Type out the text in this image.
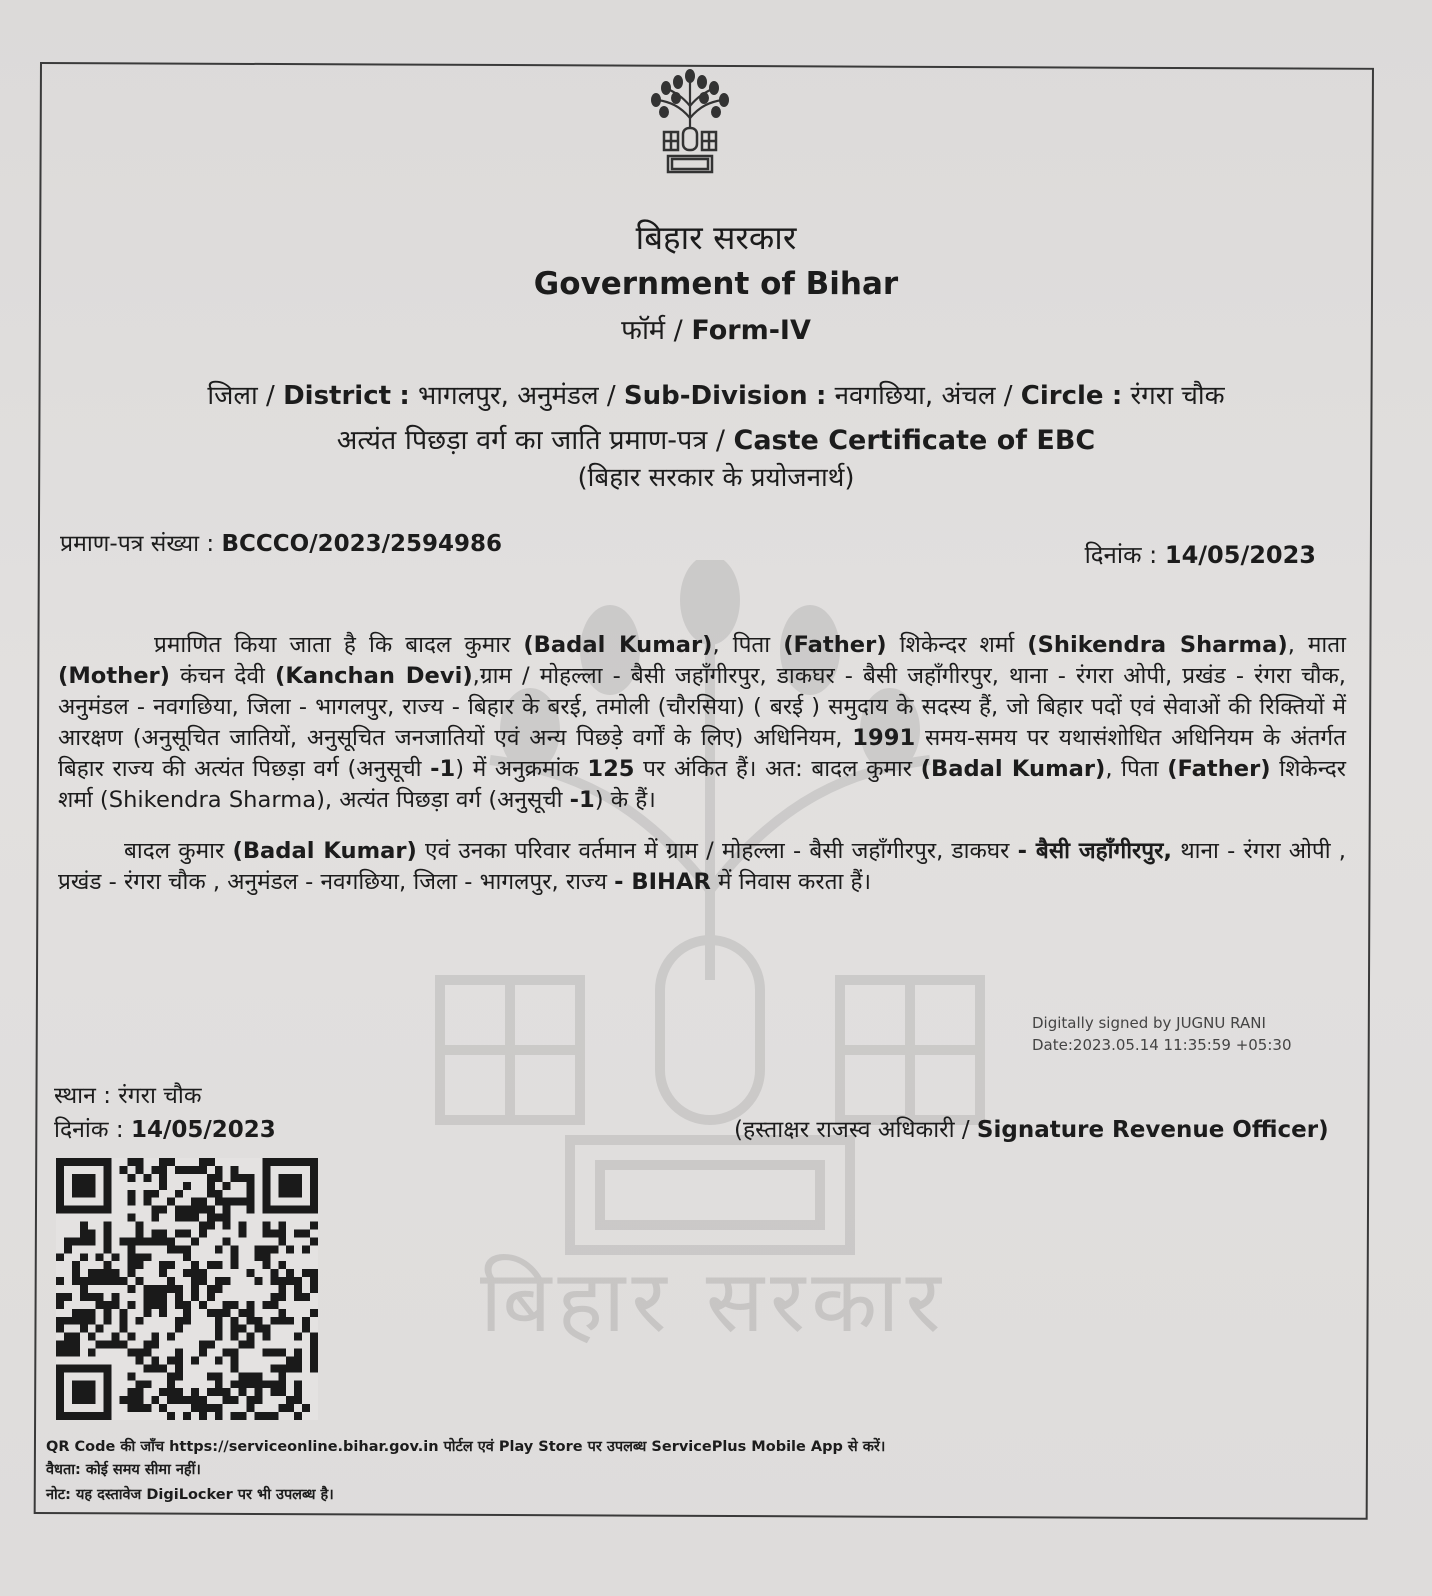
बिहार सरकार
बिहार सरकार
Government of Bihar
फॉर्म / Form-IV
जिला / District : भागलपुर, अनुमंडल / Sub-Division : नवगछिया, अंचल / Circle : रंगरा चौक
अत्यंत पिछड़ा वर्ग का जाति प्रमाण-पत्र / Caste Certificate of EBC
(बिहार सरकार के प्रयोजनार्थ)
प्रमाण-पत्र संख्या : BCCCO/2023/2594986	दिनांक : 14/05/2023

प्रमाणित किया जाता है कि बादल कुमार (Badal Kumar), पिता (Father) शिकेन्दर शर्मा (Shikendra Sharma), माता (Mother) कंचन देवी (Kanchan Devi),ग्राम / मोहल्ला - बैसी जहाँगीरपुर, डाकघर - बैसी जहाँगीरपुर, थाना - रंगरा ओपी, प्रखंड - रंगरा चौक, अनुमंडल - नवगछिया, जिला - भागलपुर, राज्य - बिहार के बरई, तमोली (चौरसिया) ( बरई ) समुदाय के सदस्य हैं, जो बिहार पदों एवं सेवाओं की रिक्तियों में आरक्षण (अनुसूचित जातियों, अनुसूचित जनजातियों एवं अन्य पिछड़े वर्गों के लिए) अधिनियम, 1991 समय-समय पर यथासंशोधित अधिनियम के अंतर्गत बिहार राज्य की अत्यंत पिछड़ा वर्ग (अनुसूची -1) में अनुक्रमांक 125 पर अंकित हैं। अत: बादल कुमार (Badal Kumar), पिता (Father) शिकेन्दर शर्मा (Shikendra Sharma), अत्यंत पिछड़ा वर्ग (अनुसूची -1) के हैं।

बादल कुमार (Badal Kumar) एवं उनका परिवार वर्तमान में ग्राम / मोहल्ला - बैसी जहाँगीरपुर, डाकघर - बैसी जहाँगीरपुर, थाना - रंगरा ओपी , प्रखंड - रंगरा चौक , अनुमंडल - नवगछिया, जिला - भागलपुर, राज्य - BIHAR में निवास करता हैं।

Digitally signed by JUGNU RANI
Date:2023.05.14 11:35:59 +05:30
स्थान : रंगरा चौक
दिनांक : 14/05/2023	(हस्ताक्षर राजस्व अधिकारी / Signature Revenue Officer)
QR Code की जाँच https://serviceonline.bihar.gov.in पोर्टल एवं Play Store पर उपलब्ध ServicePlus Mobile App से करें।
वैधता: कोई समय सीमा नहीं।
नोट: यह दस्तावेज DigiLocker पर भी उपलब्ध है।
